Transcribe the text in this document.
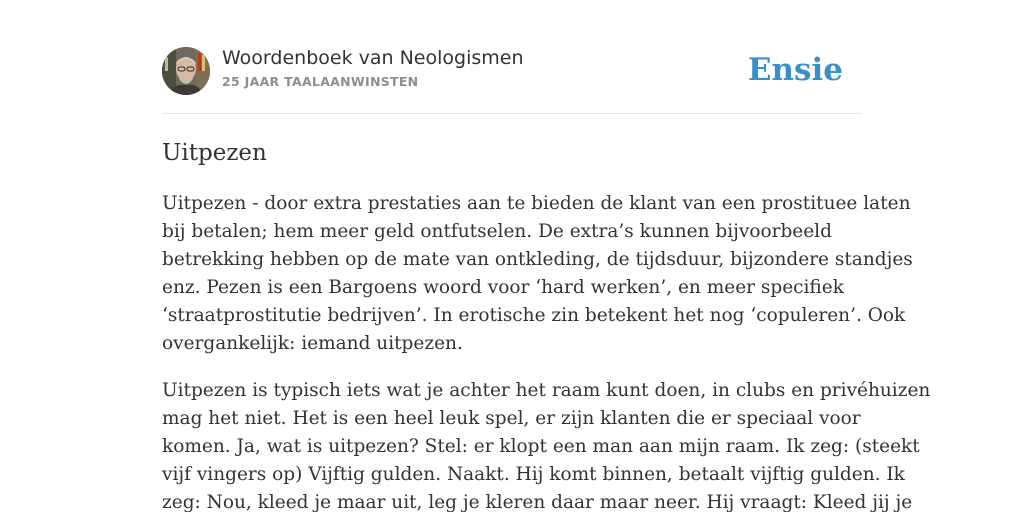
Woordenboek van Neologismen
25 JAAR TAALAANWINSTEN	Ensie
Uitpezen

Uitpezen - door extra prestaties aan te bieden de klant van een prostituee laten
bij betalen; hem meer geld ontfutselen. De extra’s kunnen bijvoorbeeld
betrekking hebben op de mate van ontkleding, de tijdsduur, bijzondere standjes
enz. Pezen is een Bargoens woord voor ‘hard werken’, en meer specifiek
‘straatprostitutie bedrijven’. In erotische zin betekent het nog ‘copuleren’. Ook
overgankelijk: iemand uitpezen.

Uitpezen is typisch iets wat je achter het raam kunt doen, in clubs en privéhuizen
mag het niet. Het is een heel leuk spel, er zijn klanten die er speciaal voor
komen. Ja, wat is uitpezen? Stel: er klopt een man aan mijn raam. Ik zeg: (steekt
vijf vingers op) Vijftig gulden. Naakt. Hij komt binnen, betaalt vijftig gulden. Ik
zeg: Nou, kleed je maar uit, leg je kleren daar maar neer. Hij vraagt: Kleed jij je
